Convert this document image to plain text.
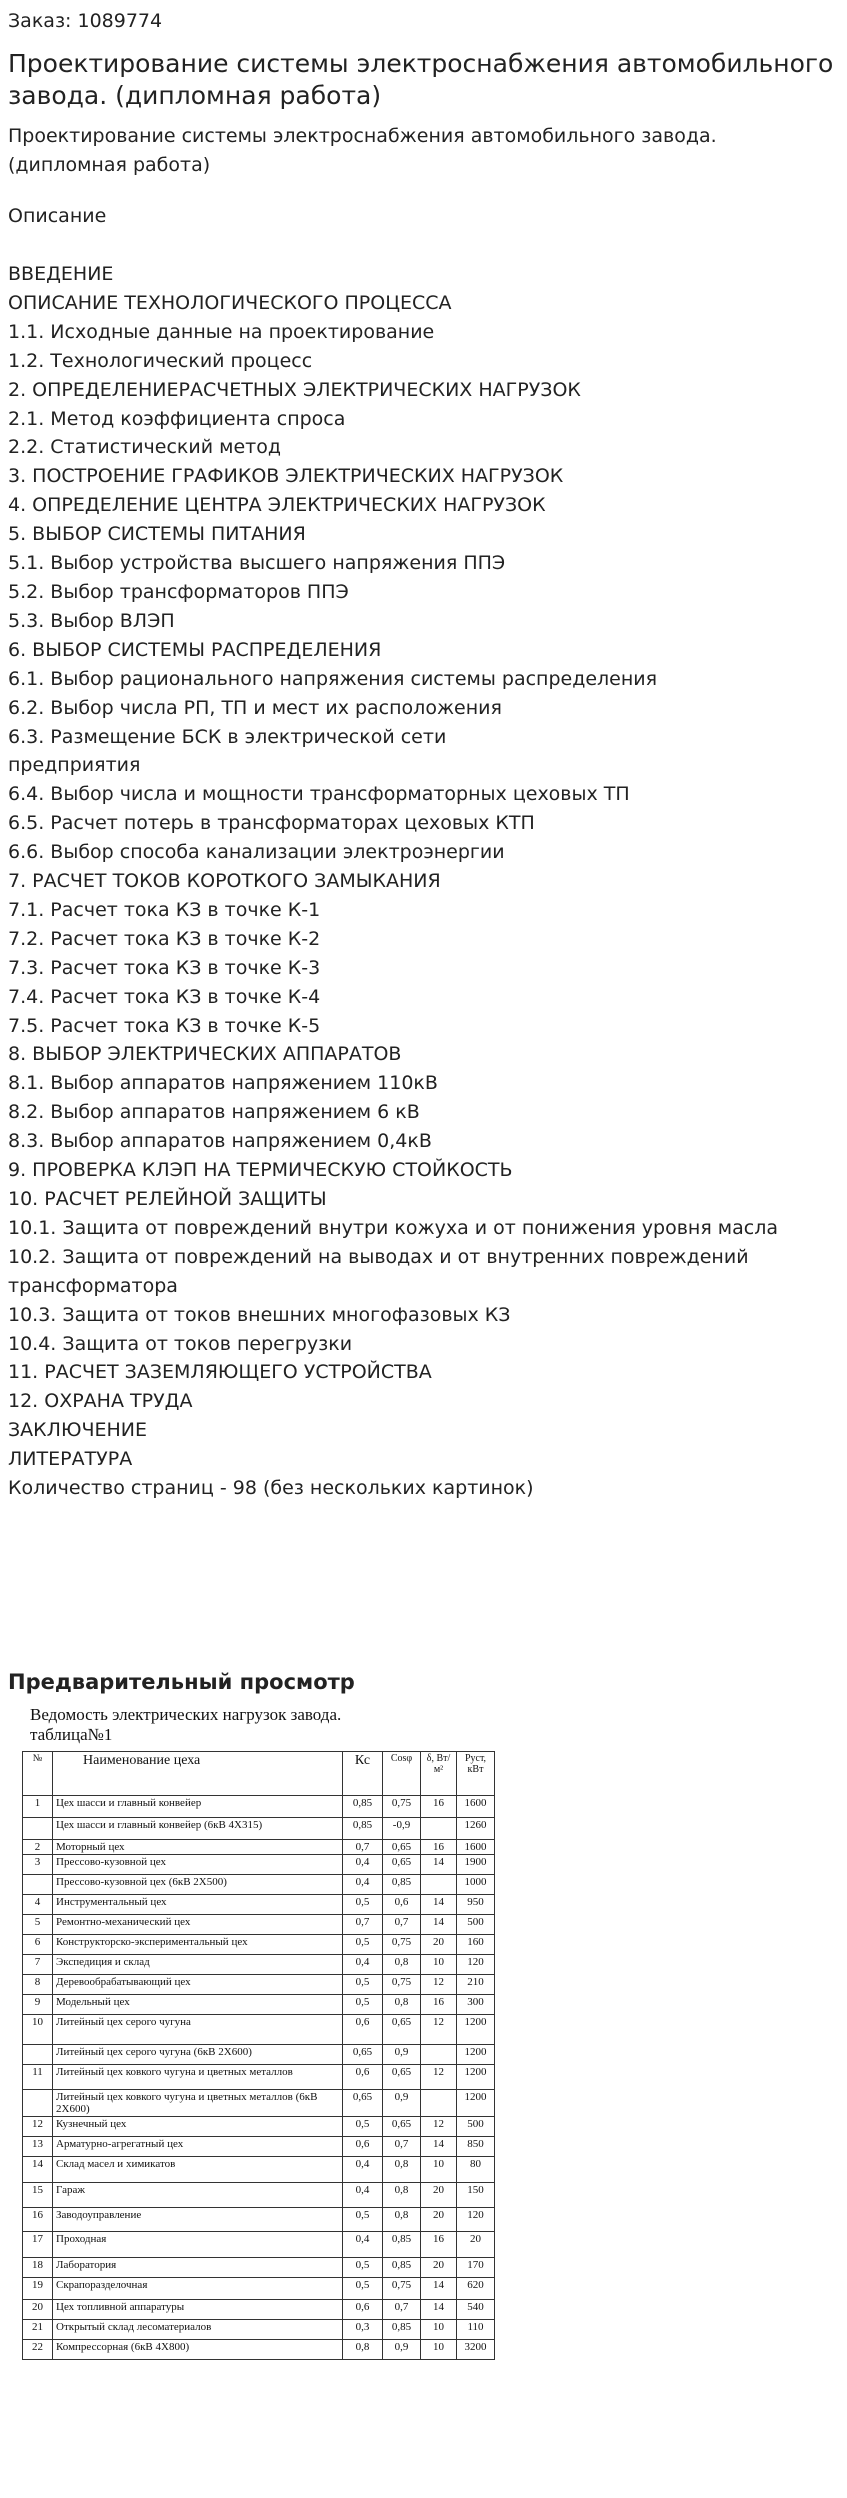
Заказ: 1089774

Проектирование системы электроснабжения автомобильного завода. (дипломная работа)

Проектирование системы электроснабжения автомобильного завода. (дипломная работа)

Описание

ВВЕДЕНИЕ
ОПИСАНИЕ ТЕХНОЛОГИЧЕСКОГО ПРОЦЕССА
1.1. Исходные данные на проектирование
1.2. Технологический процесс
2. ОПРЕДЕЛЕНИЕРАСЧЕТНЫХ ЭЛЕКТРИЧЕСКИХ НАГРУЗОК
2.1. Метод коэффициента спроса
2.2. Статистический метод
3. ПОСТРОЕНИЕ ГРАФИКОВ ЭЛЕКТРИЧЕСКИХ НАГРУЗОК
4. ОПРЕДЕЛЕНИЕ ЦЕНТРА ЭЛЕКТРИЧЕСКИХ НАГРУЗОК
5. ВЫБОР СИСТЕМЫ ПИТАНИЯ
5.1. Выбор устройства высшего напряжения ППЭ
5.2. Выбор трансформаторов ППЭ
5.3. Выбор ВЛЭП
6. ВЫБОР СИСТЕМЫ РАСПРЕДЕЛЕНИЯ
6.1. Выбор рационального напряжения системы распределения
6.2. Выбор числа РП, ТП и мест их расположения
6.3. Размещение БСК в электрической сети
предприятия
6.4. Выбор числа и мощности трансформаторных цеховых ТП
6.5. Расчет потерь в трансформаторах цеховых КТП
6.6. Выбор способа канализации электроэнергии
7. РАСЧЕТ ТОКОВ КОРОТКОГО ЗАМЫКАНИЯ
7.1. Расчет тока КЗ в точке К-1
7.2. Расчет тока КЗ в точке К-2
7.3. Расчет тока КЗ в точке К-3
7.4. Расчет тока КЗ в точке К-4
7.5. Расчет тока КЗ в точке К-5
8. ВЫБОР ЭЛЕКТРИЧЕСКИХ АППАРАТОВ
8.1. Выбор аппаратов напряжением 110кВ
8.2. Выбор аппаратов напряжением 6 кВ
8.3. Выбор аппаратов напряжением 0,4кВ
9. ПРОВЕРКА КЛЭП НА ТЕРМИЧЕСКУЮ СТОЙКОСТЬ
10. РАСЧЕТ РЕЛЕЙНОЙ ЗАЩИТЫ
10.1. Защита от повреждений внутри кожуха и от понижения уровня масла
10.2. Защита от повреждений на выводах и от внутренних повреждений
трансформатора
10.3. Защита от токов внешних многофазовых КЗ
10.4. Защита от токов перегрузки
11. РАСЧЕТ ЗАЗЕМЛЯЮЩЕГО УСТРОЙСТВА
12. ОХРАНА ТРУДА
ЗАКЛЮЧЕНИЕ
ЛИТЕРАТУРА
Количество страниц - 98 (без нескольких картинок)
Предварительный просмотр
Ведомость электрических нагрузок завода.
таблица№1
№	Наименование цеха	Кс	Cosφ	δ, Вт/м²	Руст, кВт
1	Цех шасси и главный конвейер	0,85	0,75	16	1600
	Цех шасси и главный конвейер (6кВ 4Х315)	0,85	-0,9		1260
2	Моторный цех	0,7	0,65	16	1600
3	Прессово-кузовной цех	0,4	0,65	14	1900
	Прессово-кузовной цех (6кВ 2Х500)	0,4	0,85		1000
4	Инструментальный цех	0,5	0,6	14	950
5	Ремонтно-механический цех	0,7	0,7	14	500
6	Конструкторско-экспериментальный цех	0,5	0,75	20	160
7	Экспедиция и склад	0,4	0,8	10	120
8	Деревообрабатывающий цех	0,5	0,75	12	210
9	Модельный цех	0,5	0,8	16	300
10	Литейный цех серого чугуна	0,6	0,65	12	1200
	Литейный цех серого чугуна (6кВ 2Х600)	0,65	0,9		1200
11	Литейный цех ковкого чугуна и цветных металлов	0,6	0,65	12	1200
	Литейный цех ковкого чугуна и цветных металлов (6кВ 2Х600)	0,65	0,9		1200
12	Кузнечный цех	0,5	0,65	12	500
13	Арматурно-агрегатный цех	0,6	0,7	14	850
14	Склад масел и химикатов	0,4	0,8	10	80
15	Гараж	0,4	0,8	20	150
16	Заводоуправление	0,5	0,8	20	120
17	Проходная	0,4	0,85	16	20
18	Лаборатория	0,5	0,85	20	170
19	Скрапоразделочная	0,5	0,75	14	620
20	Цех топливной аппаратуры	0,6	0,7	14	540
21	Открытый склад лесоматериалов	0,3	0,85	10	110
22	Компрессорная (6кВ 4Х800)	0,8	0,9	10	3200
